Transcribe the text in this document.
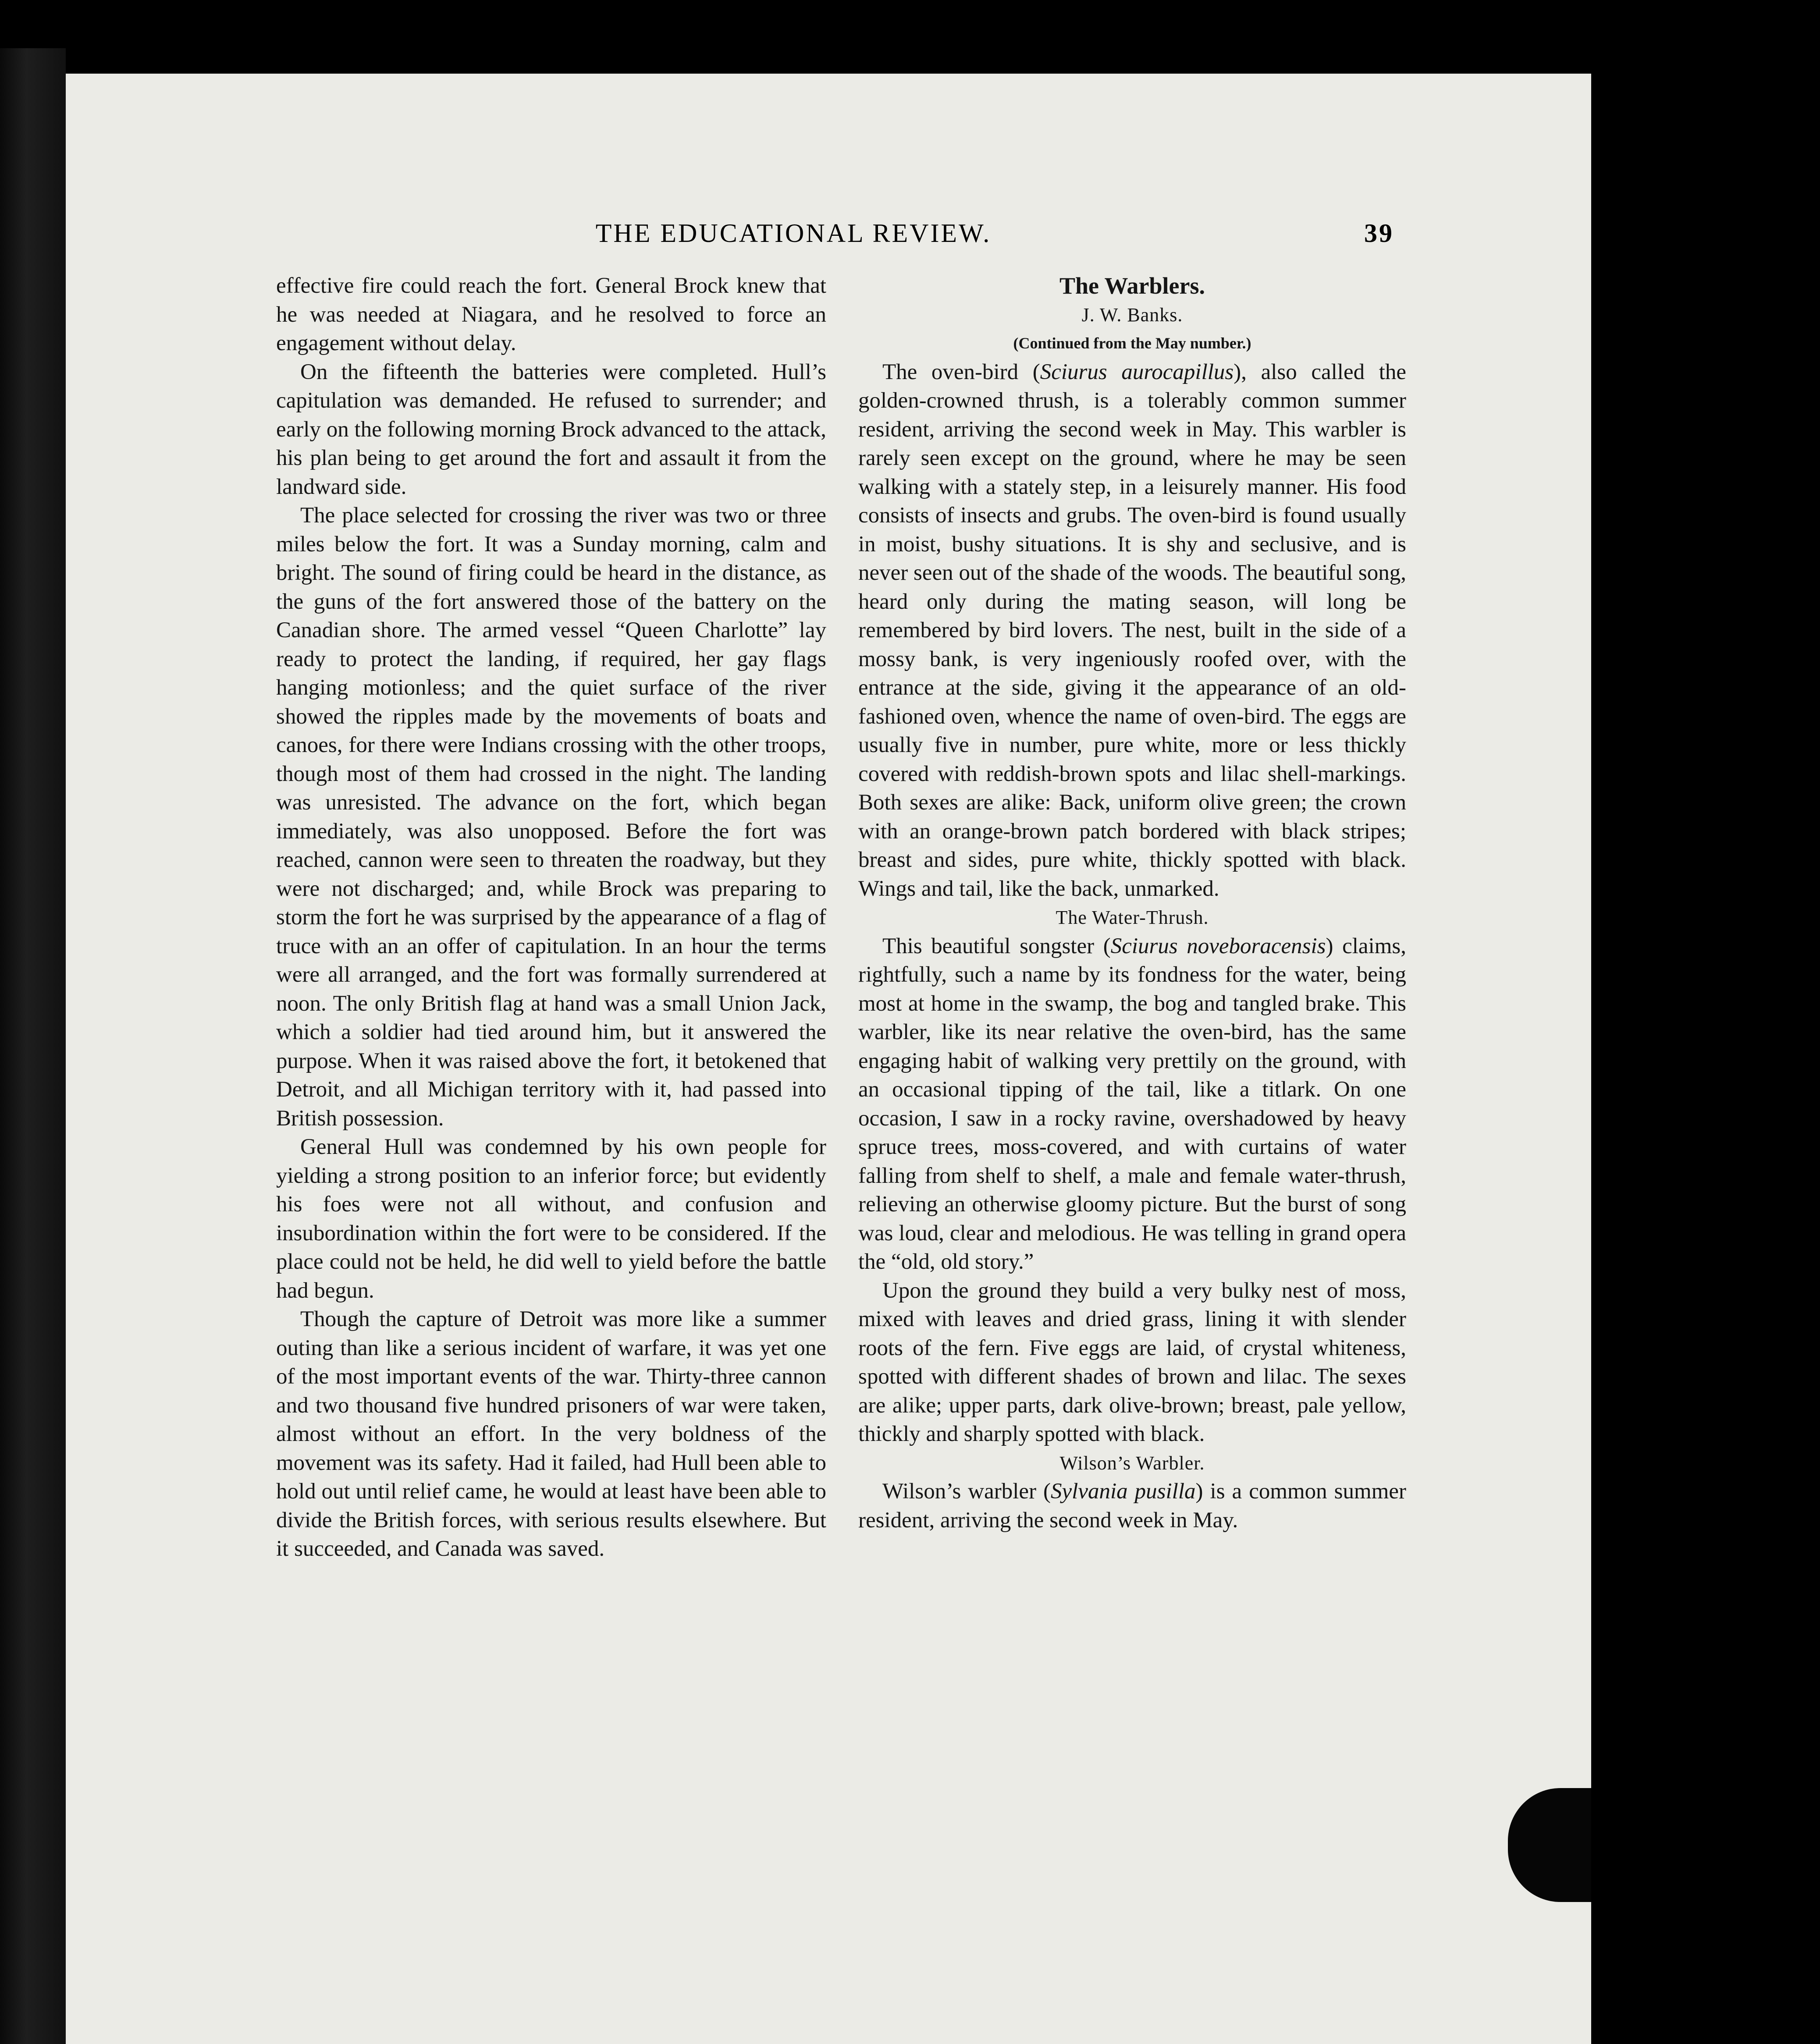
THE EDUCATIONAL REVIEW.	39

effective fire could reach the fort. General Brock knew that he was needed at Niagara, and he resolved to force an engagement without delay.

On the fifteenth the batteries were completed. Hull’s capitulation was demanded. He refused to surrender; and early on the following morning Brock advanced to the attack, his plan being to get around the fort and assault it from the landward side.

The place selected for crossing the river was two or three miles below the fort. It was a Sunday morning, calm and bright. The sound of firing could be heard in the distance, as the guns of the fort answered those of the battery on the Canadian shore. The armed vessel “Queen Charlotte” lay ready to protect the landing, if required, her gay flags hanging motionless; and the quiet surface of the river showed the ripples made by the movements of boats and canoes, for there were Indians crossing with the other troops, though most of them had crossed in the night. The landing was unresisted. The advance on the fort, which began immediately, was also unopposed. Before the fort was reached, cannon were seen to threaten the roadway, but they were not discharged; and, while Brock was preparing to storm the fort he was surprised by the appearance of a flag of truce with an an offer of capitulation. In an hour the terms were all arranged, and the fort was formally surrendered at noon. The only British flag at hand was a small Union Jack, which a soldier had tied around him, but it answered the purpose. When it was raised above the fort, it betokened that Detroit, and all Michigan territory with it, had passed into British possession.

General Hull was condemned by his own people for yielding a strong position to an inferior force; but evidently his foes were not all without, and confusion and insubordination within the fort were to be considered. If the place could not be held, he did well to yield before the battle had begun.

Though the capture of Detroit was more like a summer outing than like a serious incident of warfare, it was yet one of the most important events of the war. Thirty-three cannon and two thousand five hundred prisoners of war were taken, almost without an effort. In the very boldness of the movement was its safety. Had it failed, had Hull been able to hold out until relief came, he would at least have been able to divide the British forces, with serious results elsewhere. But it succeeded, and Canada was saved.

The Warblers.

J. W. Banks.

(Continued from the May number.)

The oven-bird (Sciurus aurocapillus), also called the golden-crowned thrush, is a tolerably common summer resident, arriving the second week in May. This warbler is rarely seen except on the ground, where he may be seen walking with a stately step, in a leisurely manner. His food consists of insects and grubs. The oven-bird is found usually in moist, bushy situations. It is shy and seclusive, and is never seen out of the shade of the woods. The beautiful song, heard only during the mating season, will long be remembered by bird lovers. The nest, built in the side of a mossy bank, is very ingeniously roofed over, with the entrance at the side, giving it the appearance of an old-fashioned oven, whence the name of oven-bird. The eggs are usually five in number, pure white, more or less thickly covered with reddish-brown spots and lilac shell-markings. Both sexes are alike: Back, uniform olive green; the crown with an orange-brown patch bordered with black stripes; breast and sides, pure white, thickly spotted with black. Wings and tail, like the back, unmarked.

The Water-Thrush.

This beautiful songster (Sciurus noveboracensis) claims, rightfully, such a name by its fondness for the water, being most at home in the swamp, the bog and tangled brake. This warbler, like its near relative the oven-bird, has the same engaging habit of walking very prettily on the ground, with an occasional tipping of the tail, like a titlark. On one occasion, I saw in a rocky ravine, overshadowed by heavy spruce trees, moss-covered, and with curtains of water falling from shelf to shelf, a male and female water-thrush, relieving an otherwise gloomy picture. But the burst of song was loud, clear and melodious. He was telling in grand opera the “old, old story.”

Upon the ground they build a very bulky nest of moss, mixed with leaves and dried grass, lining it with slender roots of the fern. Five eggs are laid, of crystal whiteness, spotted with different shades of brown and lilac. The sexes are alike; upper parts, dark olive-brown; breast, pale yellow, thickly and sharply spotted with black.

Wilson’s Warbler.

Wilson’s warbler (Sylvania pusilla) is a common summer resident, arriving the second week in May.
